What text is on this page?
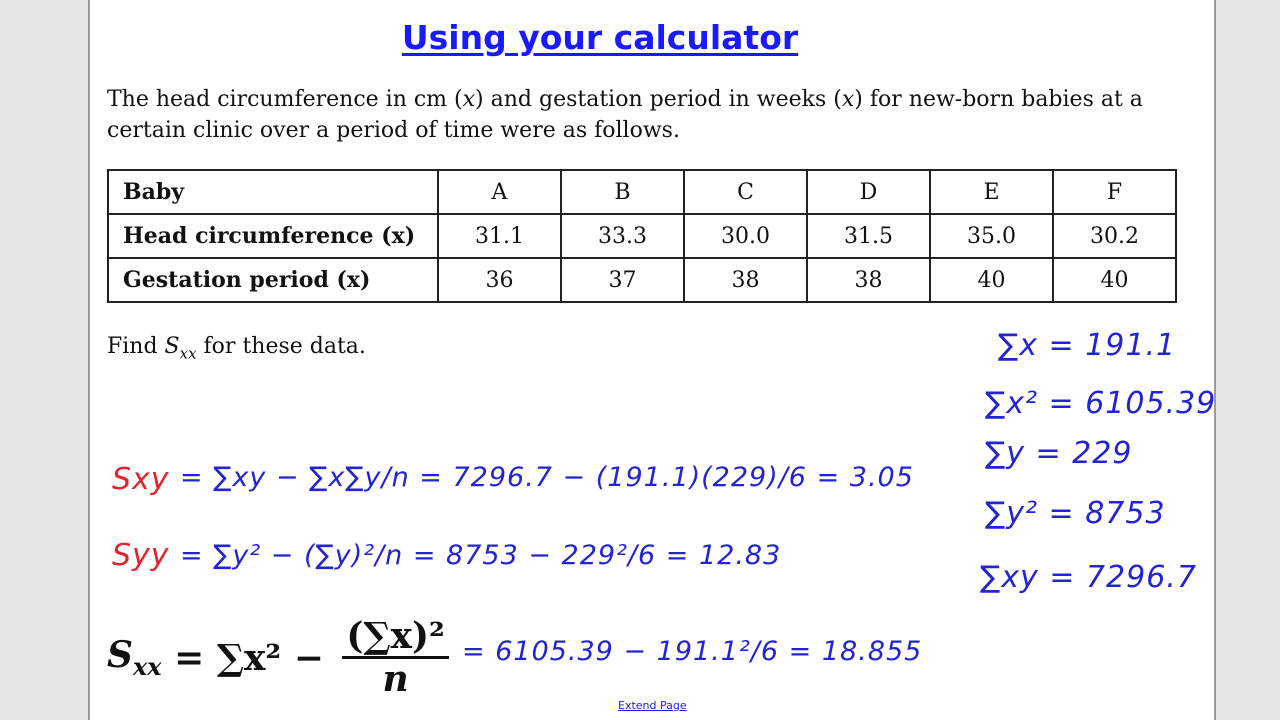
Using your calculator

The head circumference in cm (x) and gestation period in weeks (x) for new-born babies at a certain clinic over a period of time were as follows.

Baby	A	B	C	D	E	F
Head circumference (x)	31.1	33.3	30.0	31.5	35.0	30.2
Gestation period (x)	36	37	38	38	40	40

Find $S_{xx}$ for these data.	∑x = 191.1
∑x² = 6105.39
∑y = 229
∑y² = 8753
∑xy = 7296.7
Sxy = ∑xy − ∑x∑y/n = 7296.7 − (191.1)(229)/6 = 3.05
Syy = ∑y² − (∑y)²/n = 8753 − 229²/6 = 12.83
$S_{xx} = \sum x^2 - \frac{\text{(∑x)²}}{n} = 6105.39 - 191.1^2/6 = 18.855$
Extend Page
